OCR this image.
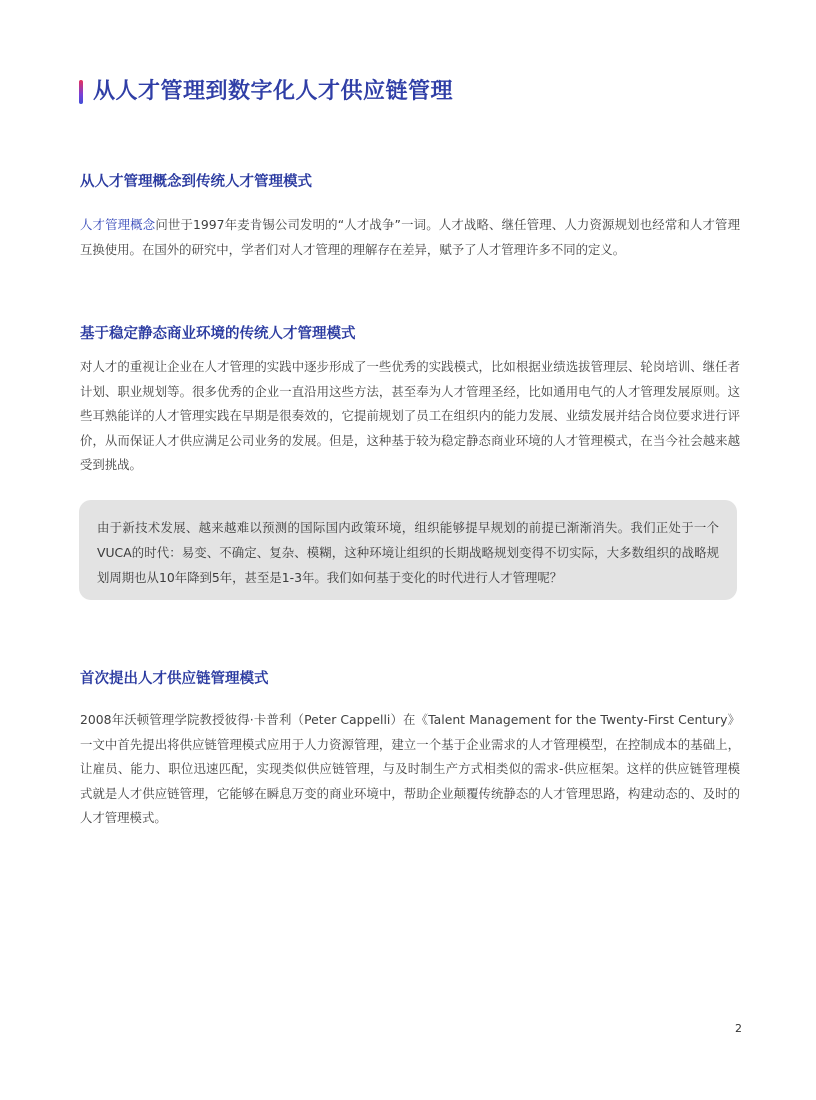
从人才管理到数字化人才供应链管理
从人才管理概念到传统人才管理模式

人才管理概念问世于1997年麦肯锡公司发明的“人才战争”一词。人才战略、继任管理、人力资源规划也经常和人才管理互换使用。在国外的研究中，学者们对人才管理的理解存在差异，赋予了人才管理许多不同的定义。

基于稳定静态商业环境的传统人才管理模式

对人才的重视让企业在人才管理的实践中逐步形成了一些优秀的实践模式，比如根据业绩选拔管理层、轮岗培训、继任者计划、职业规划等。很多优秀的企业一直沿用这些方法，甚至奉为人才管理圣经，比如通用电气的人才管理发展原则。这些耳熟能详的人才管理实践在早期是很奏效的，它提前规划了员工在组织内的能力发展、业绩发展并结合岗位要求进行评价，从而保证人才供应满足公司业务的发展。但是，这种基于较为稳定静态商业环境的人才管理模式，在当今社会越来越受到挑战。

由于新技术发展、越来越难以预测的国际国内政策环境，组织能够提早规划的前提已渐渐消失。我们正处于一个VUCA的时代：易变、不确定、复杂、模糊，这种环境让组织的长期战略规划变得不切实际，大多数组织的战略规划周期也从10年降到5年，甚至是1-3年。我们如何基于变化的时代进行人才管理呢？

首次提出人才供应链管理模式

2008年沃顿管理学院教授彼得·卡普利（Peter Cappelli）在《Talent Management for the Twenty-First Century》一文中首先提出将供应链管理模式应用于人力资源管理，建立一个基于企业需求的人才管理模型，在控制成本的基础上，让雇员、能力、职位迅速匹配，实现类似供应链管理，与及时制生产方式相类似的需求-供应框架。这样的供应链管理模式就是人才供应链管理，它能够在瞬息万变的商业环境中，帮助企业颠覆传统静态的人才管理思路，构建动态的、及时的人才管理模式。

2
